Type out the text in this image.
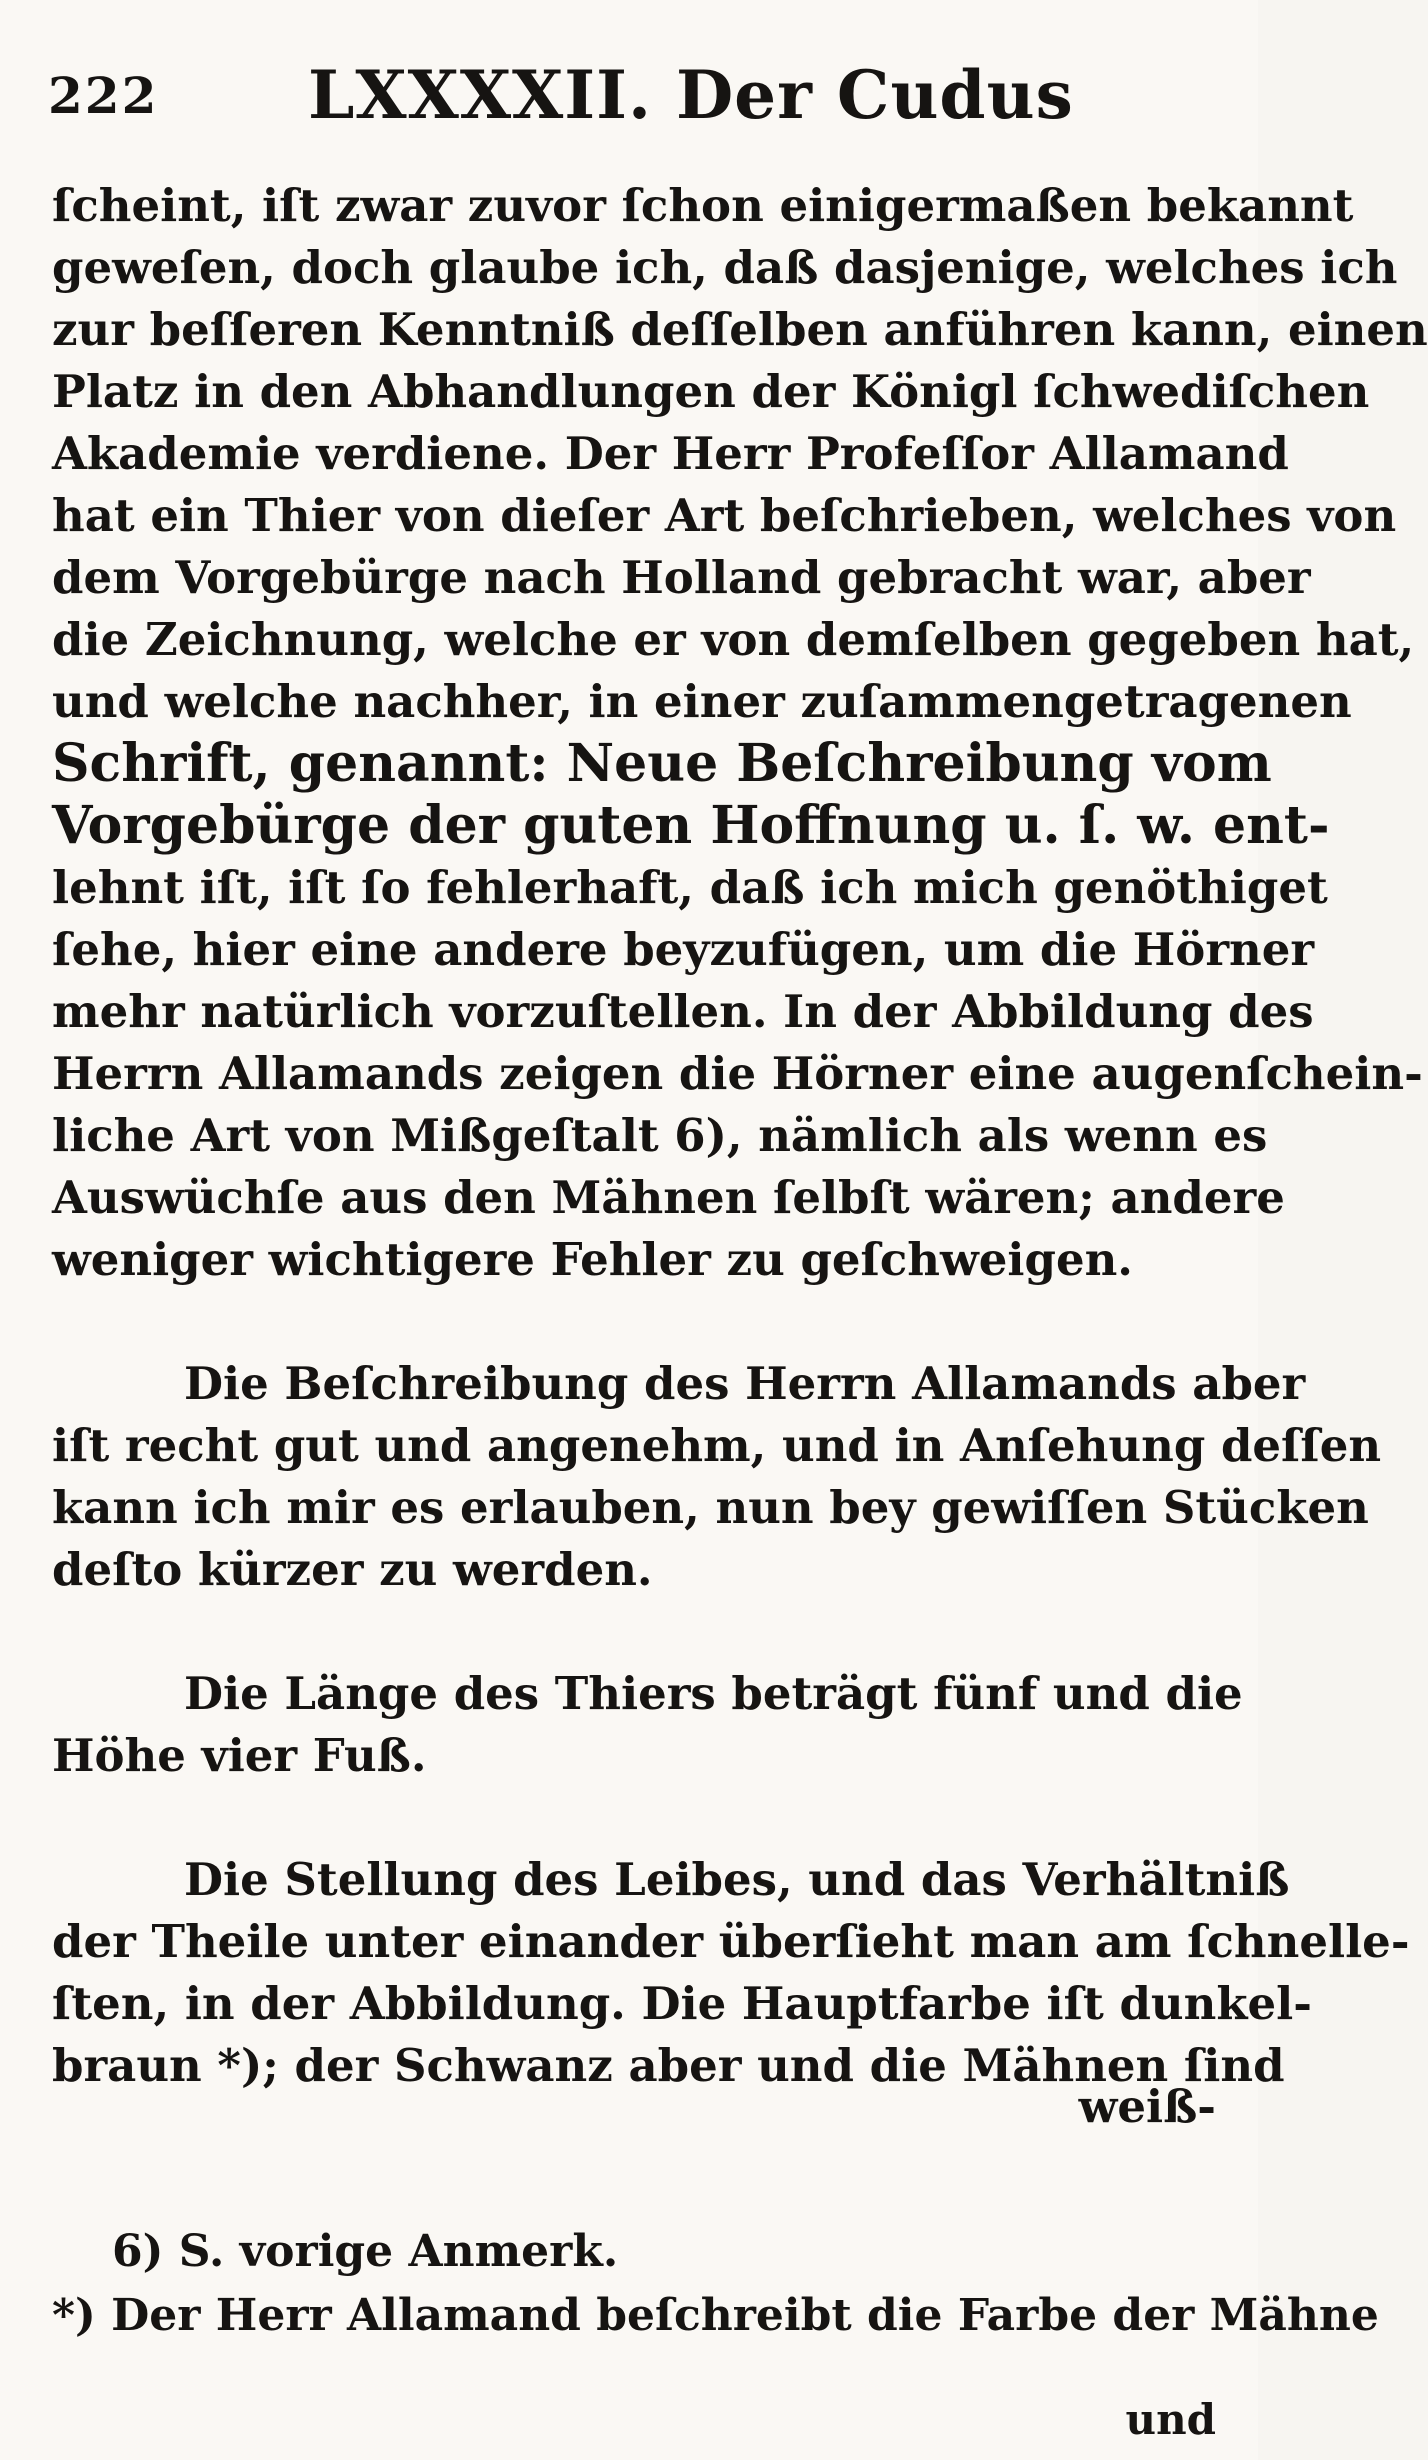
222 LXXXXII. Der Cudus
ſcheint, iſt zwar zuvor ſchon einigermaßen bekannt
geweſen, doch glaube ich, daß dasjenige, welches ich
zur beſſeren Kenntniß deſſelben anführen kann, einen
Platz in den Abhandlungen der Königl ſchwediſchen
Akademie verdiene. Der Herr Profeſſor Allamand
hat ein Thier von dieſer Art beſchrieben, welches von
dem Vorgebürge nach Holland gebracht war, aber
die Zeichnung, welche er von demſelben gegeben hat,
und welche nachher, in einer zuſammengetragenen
Schrift, genannt: Neue Beſchreibung vom
Vorgebürge der guten Hoffnung u. ſ. w. ent-
lehnt iſt, iſt ſo fehlerhaft, daß ich mich genöthiget
ſehe, hier eine andere beyzufügen, um die Hörner
mehr natürlich vorzuſtellen. In der Abbildung des
Herrn Allamands zeigen die Hörner eine augenſchein-
liche Art von Mißgeſtalt 6), nämlich als wenn es
Auswüchſe aus den Mähnen ſelbſt wären; andere
weniger wichtigere Fehler zu geſchweigen.
Die Beſchreibung des Herrn Allamands aber
iſt recht gut und angenehm, und in Anſehung deſſen
kann ich mir es erlauben, nun bey gewiſſen Stücken
deſto kürzer zu werden.
Die Länge des Thiers beträgt fünf und die
Höhe vier Fuß.
Die Stellung des Leibes, und das Verhältniß
der Theile unter einander überſieht man am ſchnelle-
ſten, in der Abbildung. Die Hauptfarbe iſt dunkel-
braun *); der Schwanz aber und die Mähnen ſind
weiß-
6) S. vorige Anmerk.
*) Der Herr Allamand beſchreibt die Farbe der Mähne
und
